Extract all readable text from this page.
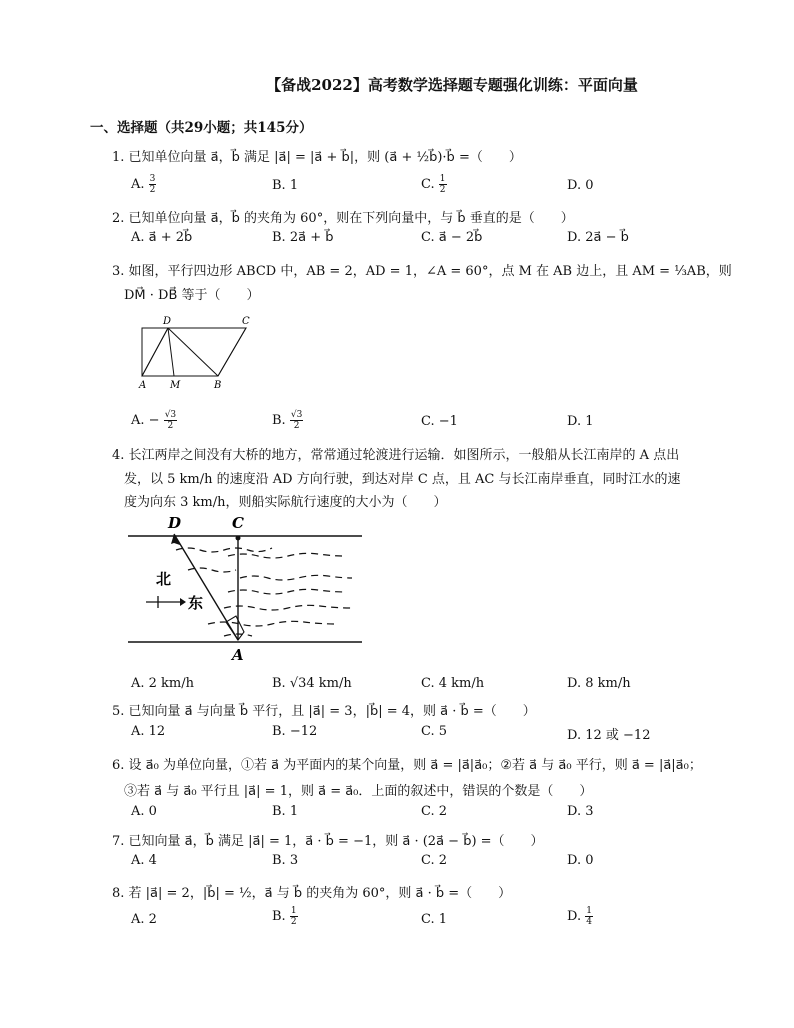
【备战2022】高考数学选择题专题强化训练：平面向量
一、选择题（共29小题；共145分）
1. 已知单位向量 a⃗，b⃗ 满足 |a⃗| = |a⃗ + b⃗|，则 (a⃗ + ½b⃗)·b⃗ =（　　）
A. $\frac{3}{2}$	B. 1	C. $\frac{1}{2}$	D. 0
2. 已知单位向量 a⃗，b⃗ 的夹角为 60°，则在下列向量中，与 b⃗ 垂直的是（　　）
A. a⃗ + 2b⃗	B. 2a⃗ + b⃗	C. a⃗ − 2b⃗	D. 2a⃗ − b⃗
3. 如图，平行四边形 ABCD 中，AB = 2，AD = 1，∠A = 60°，点 M 在 AB 边上，且 AM = ⅓AB，则
DM⃗ · DB⃗ 等于（　　）
D	C
A M	B
A. − $\frac{√3}{2}$	B. $\frac{√3}{2}$	C. −1	D. 1
4. 长江两岸之间没有大桥的地方，常常通过轮渡进行运输．如图所示，一般船从长江南岸的 A 点出
发，以 5 km/h 的速度沿 AD 方向行驶，到达对岸 C 点，且 AC 与长江南岸垂直，同时江水的速
度为向东 3 km/h，则船实际航行速度的大小为（　　）
D	C
A
北
东
A. 2 km/h	B. √34 km/h	C. 4 km/h	D. 8 km/h
5. 已知向量 a⃗ 与向量 b⃗ 平行，且 |a⃗| = 3，|b⃗| = 4，则 a⃗ · b⃗ =（　　）
A. 12	B. −12	C. 5	D. 12 或 −12
6. 设 a⃗₀ 为单位向量，①若 a⃗ 为平面内的某个向量，则 a⃗ = |a⃗|a⃗₀；②若 a⃗ 与 a⃗₀ 平行，则 a⃗ = |a⃗|a⃗₀；
③若 a⃗ 与 a⃗₀ 平行且 |a⃗| = 1，则 a⃗ = a⃗₀．上面的叙述中，错误的个数是（　　）
A. 0	B. 1	C. 2	D. 3
7. 已知向量 a⃗，b⃗ 满足 |a⃗| = 1，a⃗ · b⃗ = −1，则 a⃗ · (2a⃗ − b⃗) =（　　）
A. 4	B. 3	C. 2	D. 0
8. 若 |a⃗| = 2，|b⃗| = ½，a⃗ 与 b⃗ 的夹角为 60°，则 a⃗ · b⃗ =（　　）
A. 2	B. $\frac{1}{2}$	C. 1	D. $\frac{1}{4}$
